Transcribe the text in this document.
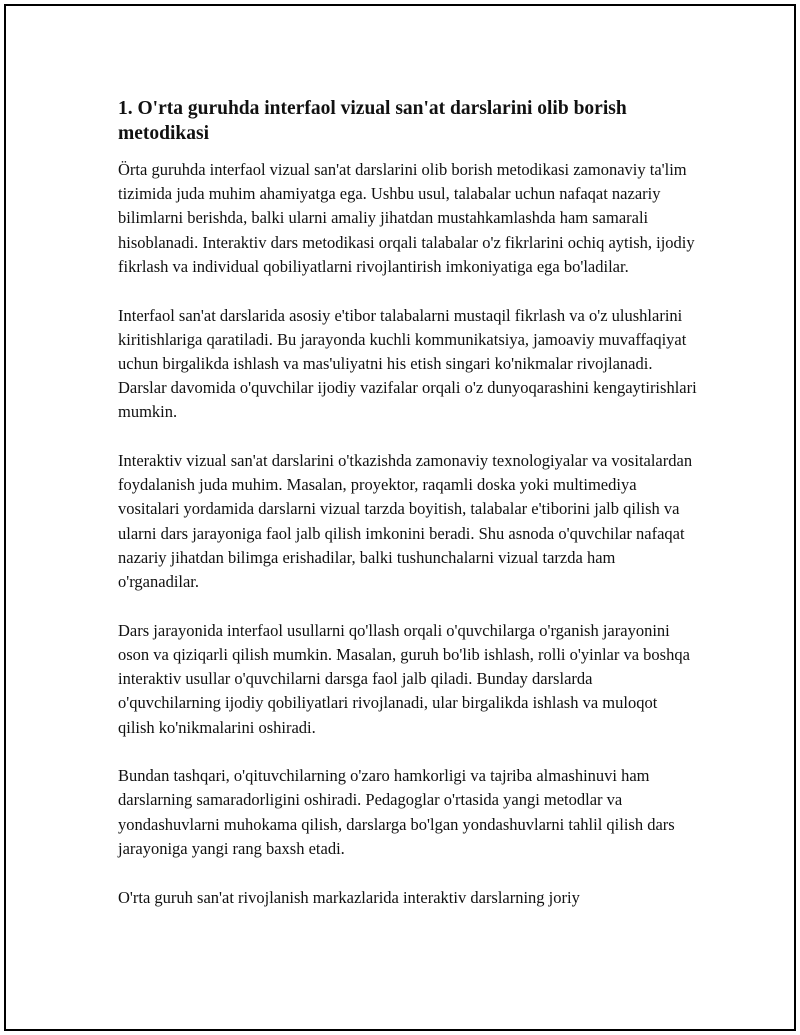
1. O'rta guruhda interfaol vizual san'at darslarini olib borish metodikasi

Örta guruhda interfaol vizual san'at darslarini olib borish metodikasi zamonaviy ta'lim tizimida juda muhim ahamiyatga ega. Ushbu usul, talabalar uchun nafaqat nazariy bilimlarni berishda, balki ularni amaliy jihatdan mustahkamlashda ham samarali hisoblanadi. Interaktiv dars metodikasi orqali talabalar o'z fikrlarini ochiq aytish, ijodiy fikrlash va individual qobiliyatlarni rivojlantirish imkoniyatiga ega bo'ladilar.

Interfaol san'at darslarida asosiy e'tibor talabalarni mustaqil fikrlash va o'z ulushlarini kiritishlariga qaratiladi. Bu jarayonda kuchli kommunikatsiya, jamoaviy muvaffaqiyat uchun birgalikda ishlash va mas'uliyatni his etish singari ko'nikmalar rivojlanadi. Darslar davomida o'quvchilar ijodiy vazifalar orqali o'z dunyoqarashini kengaytirishlari mumkin.

Interaktiv vizual san'at darslarini o'tkazishda zamonaviy texnologiyalar va vositalardan foydalanish juda muhim. Masalan, proyektor, raqamli doska yoki multimediya vositalari yordamida darslarni vizual tarzda boyitish, talabalar e'tiborini jalb qilish va ularni dars jarayoniga faol jalb qilish imkonini beradi. Shu asnoda o'quvchilar nafaqat nazariy jihatdan bilimga erishadilar, balki tushunchalarni vizual tarzda ham o'rganadilar.

Dars jarayonida interfaol usullarni qo'llash orqali o'quvchilarga o'rganish jarayonini oson va qiziqarli qilish mumkin. Masalan, guruh bo'lib ishlash, rolli o'yinlar va boshqa interaktiv usullar o'quvchilarni darsga faol jalb qiladi. Bunday darslarda o'quvchilarning ijodiy qobiliyatlari rivojlanadi, ular birgalikda ishlash va muloqot qilish ko'nikmalarini oshiradi.

Bundan tashqari, o'qituvchilarning o'zaro hamkorligi va tajriba almashinuvi ham darslarning samaradorligini oshiradi. Pedagoglar o'rtasida yangi metodlar va yondashuvlarni muhokama qilish, darslarga bo'lgan yondashuvlarni tahlil qilish dars jarayoniga yangi rang baxsh etadi.

O'rta guruh san'at rivojlanish markazlarida interaktiv darslarning joriy
